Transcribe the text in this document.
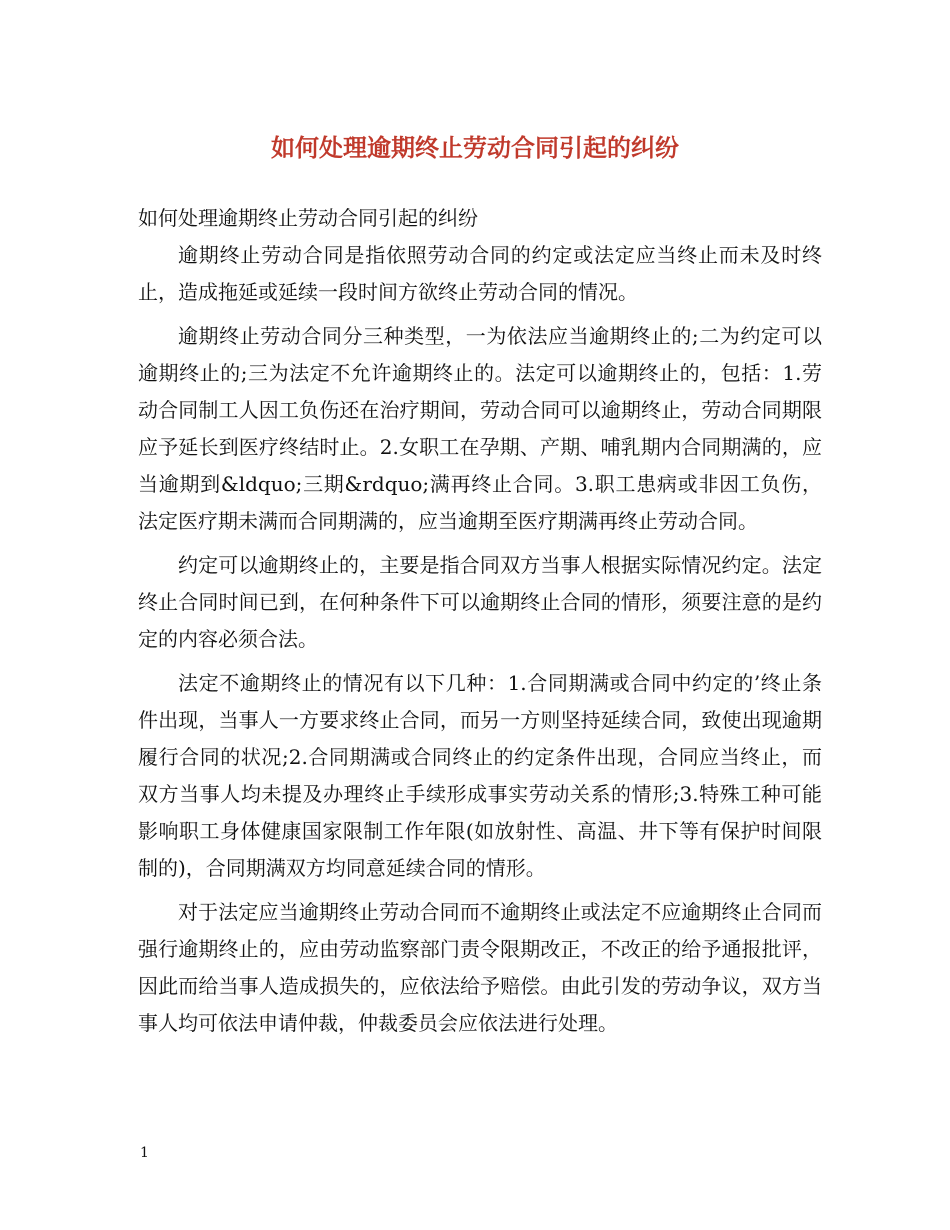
如何处理逾期终止劳动合同引起的纠纷

如何处理逾期终止劳动合同引起的纠纷

逾期终止劳动合同是指依照劳动合同的约定或法定应当终止而未及时终止，造成拖延或延续一段时间方欲终止劳动合同的情况。

逾期终止劳动合同分三种类型，一为依法应当逾期终止的;二为约定可以逾期终止的;三为法定不允许逾期终止的。法定可以逾期终止的，包括：1.劳动合同制工人因工负伤还在治疗期间，劳动合同可以逾期终止，劳动合同期限应予延长到医疗终结时止。2.女职工在孕期、产期、哺乳期内合同期满的，应当逾期到&ldquo;三期&rdquo;满再终止合同。3.职工患病或非因工负伤，法定医疗期未满而合同期满的，应当逾期至医疗期满再终止劳动合同。

约定可以逾期终止的，主要是指合同双方当事人根据实际情况约定。法定终止合同时间已到，在何种条件下可以逾期终止合同的情形，须要注意的是约定的内容必须合法。

法定不逾期终止的情况有以下几种：1.合同期满或合同中约定的’终止条件出现，当事人一方要求终止合同，而另一方则坚持延续合同，致使出现逾期履行合同的状况;2.合同期满或合同终止的约定条件出现，合同应当终止，而双方当事人均未提及办理终止手续形成事实劳动关系的情形;3.特殊工种可能影响职工身体健康国家限制工作年限(如放射性、高温、井下等有保护时间限制的)，合同期满双方均同意延续合同的情形。

对于法定应当逾期终止劳动合同而不逾期终止或法定不应逾期终止合同而强行逾期终止的，应由劳动监察部门责令限期改正，不改正的给予通报批评，因此而给当事人造成损失的，应依法给予赔偿。由此引发的劳动争议，双方当事人均可依法申请仲裁，仲裁委员会应依法进行处理。

1
